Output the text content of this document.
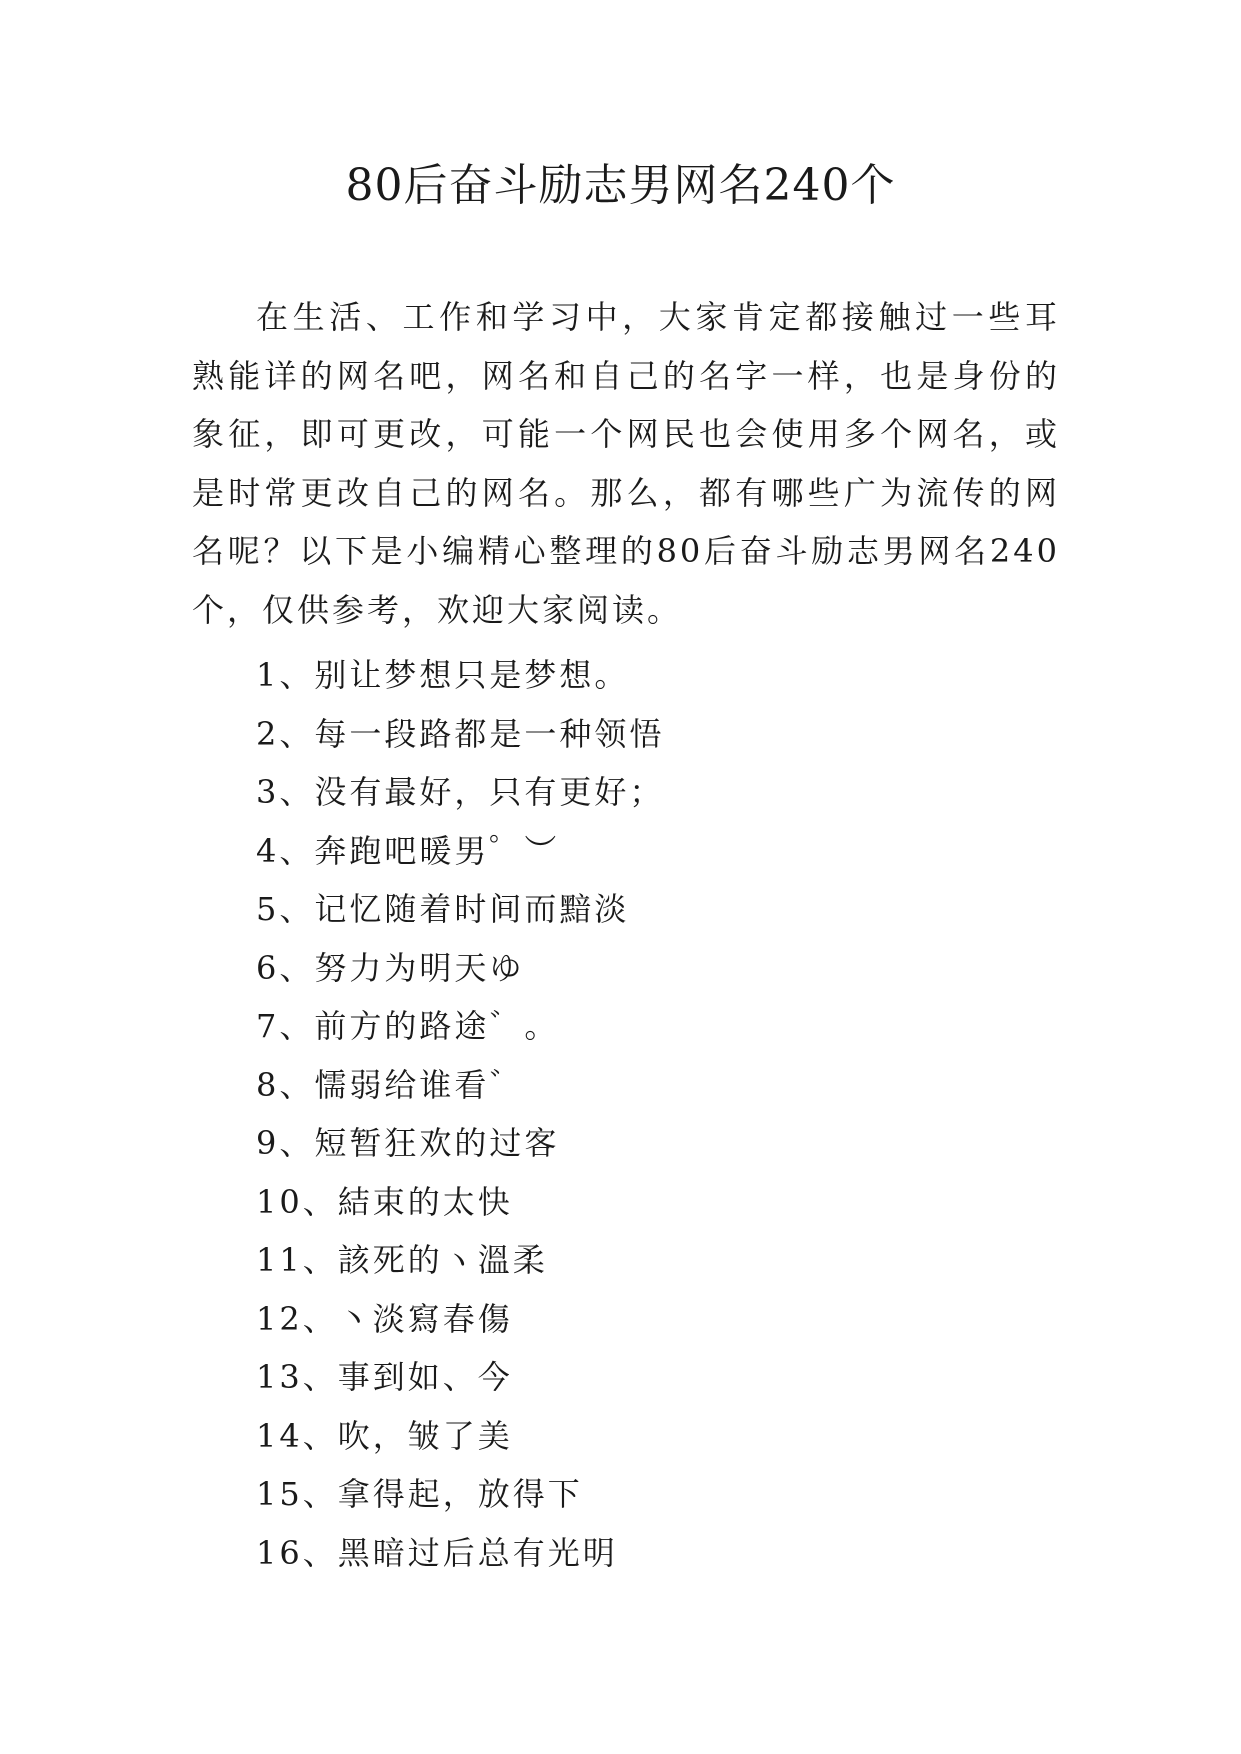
80后奋斗励志男网名240个

在生活、工作和学习中，大家肯定都接触过一些耳熟能详的网名吧，网名和自己的名字一样，也是身份的象征，即可更改，可能一个网民也会使用多个网名，或是时常更改自己的网名。那么，都有哪些广为流传的网名呢？以下是小编精心整理的80后奋斗励志男网名240个，仅供参考，欢迎大家阅读。

1、别让梦想只是梦想。
2、每一段路都是一种领悟
3、没有最好，只有更好；
4、奔跑吧暖男゜︶
5、记忆随着时间而黯淡
6、努力为明天ゆ
7、前方的路途゛。
8、懦弱给谁看゛
9、短暂狂欢的过客
10、結束的太快
11、該死的ヽ溫柔
12、丶淡寫春傷
13、事到如、今
14、吹，皱了美
15、拿得起，放得下
16、黑暗过后总有光明
